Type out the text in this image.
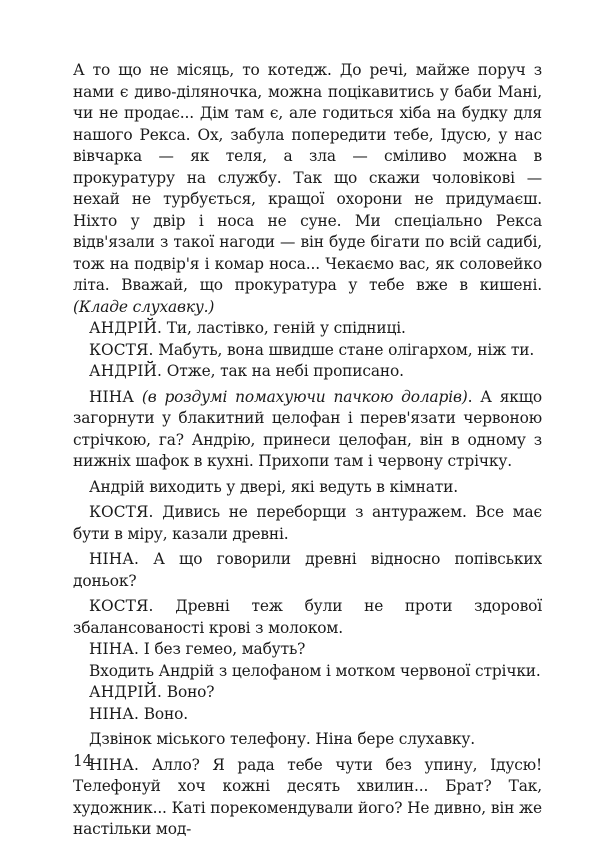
А то що не місяць, то котедж. До речі, майже поруч з нами є диво-діляночка, можна поцікавитись у баби Мані, чи не продає... Дім там є, але годиться хіба на будку для нашого Рекса. Ох, забула попередити тебе, Ідусю, у нас вівчарка — як теля, а зла — сміливо можна в прокуратуру на службу. Так що скажи чоловікові — нехай не турбується, кращої охорони не придумаєш. Ніхто у двір і носа не суне. Ми спеціально Рекса відв'язали з такої нагоди — він буде бігати по всій садибі, тож на подвір'я і комар носа... Чекаємо вас, як соловейко літа. Вважай, що прокуратура у тебе вже в кишені. (Кладе слухавку.)

АНДРІЙ. Ти, ластівко, геній у спідниці.

КОСТЯ. Мабуть, вона швидше стане олігархом, ніж ти.

АНДРІЙ. Отже, так на небі прописано.

НІНА (в роздумі помахуючи пачкою доларів). А якщо загорнути у блакитний целофан і перев'язати червоною стрічкою, га? Андрію, принеси целофан, він в одному з нижніх шафок в кухні. Прихопи там і червону стрічку.

Андрій виходить у двері, які ведуть в кімнати.

КОСТЯ. Дивись не переборщи з антуражем. Все має бути в міру, казали древні.

НІНА. А що говорили древні відносно попівських доньок?

КОСТЯ. Древні теж були не проти здорової збалансованості крові з молоком.

НІНА. І без гемео, мабуть?

Входить Андрій з целофаном і мотком червоної стрічки.

АНДРІЙ. Воно?

НІНА. Воно.

Дзвінок міського телефону. Ніна бере слухавку.

НІНА. Алло? Я рада тебе чути без упину, Ідусю! Телефонуй хоч кожні десять хвилин... Брат? Так, художник... Каті порекомендували його? Не дивно, він же настільки мод-

14
